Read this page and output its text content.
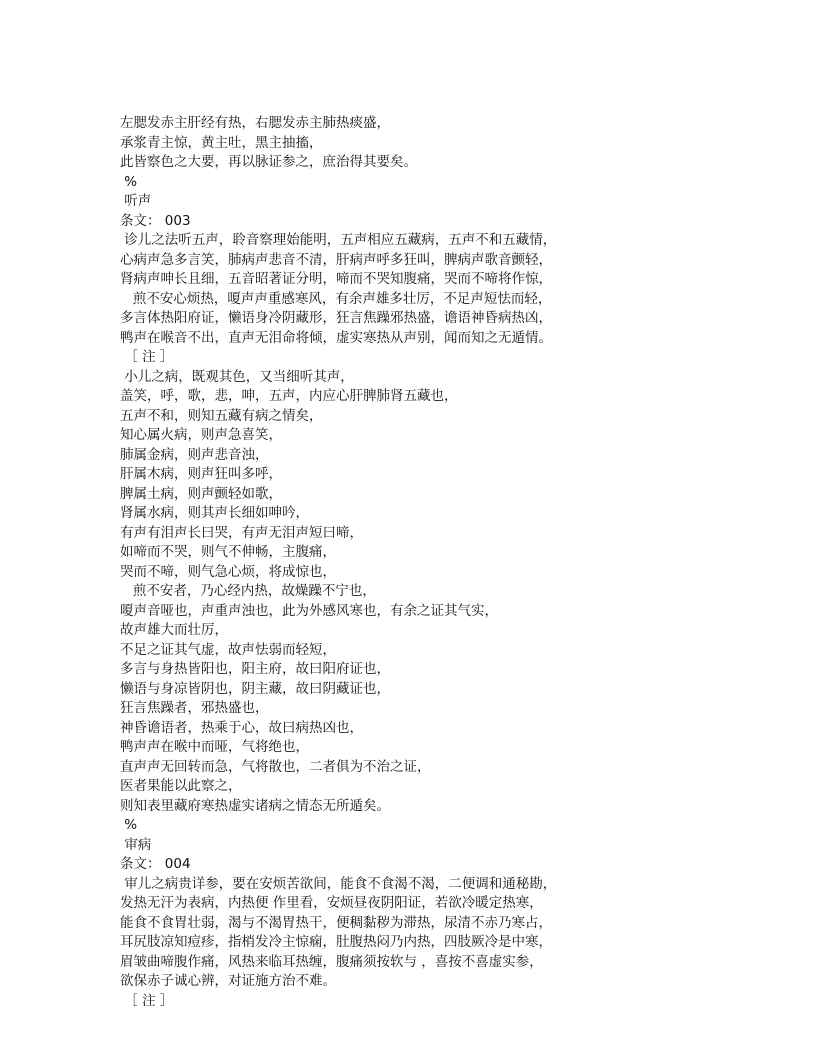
左腮发赤主肝经有热，右腮发赤主肺热痰盛，
承浆青主惊，黄主吐，黑主抽搐，
此皆察色之大要，再以脉证参之，庶治得其要矣。
%
听声
条文： 003
诊儿之法听五声，聆音察理始能明，五声相应五藏病，五声不和五藏情，
心病声急多言笑，肺病声悲音不清，肝病声呼多狂叫，脾病声歌音颤轻，
肾病声呻长且细，五音昭著证分明，啼而不哭知腹痛，哭而不啼将作惊，
煎不安心烦热，嗄声声重感寒风，有余声雄多壮厉，不足声短怯而轻，
多言体热阳府证，懒语身冷阴藏形，狂言焦躁邪热盛，谵语神昏病热凶，
鸭声在喉音不出，直声无泪命将倾，虚实寒热从声别，闻而知之无遁情。
［ 注 ］
小儿之病，既观其色，又当细听其声，
盖笑，呼，歌，悲，呻，五声，内应心肝脾肺肾五藏也，
五声不和，则知五藏有病之情矣，
知心属火病，则声急喜笑，
肺属金病，则声悲音浊，
肝属木病，则声狂叫多呼，
脾属土病，则声颤轻如歌，
肾属水病，则其声长细如呻吟，
有声有泪声长曰哭，有声无泪声短曰啼，
如啼而不哭，则气不伸畅，主腹痛，
哭而不啼，则气急心烦，将成惊也，
煎不安者，乃心经内热，故燥躁不宁也，
嗄声音哑也，声重声浊也，此为外感风寒也，有余之证其气实，
故声雄大而壮厉，
不足之证其气虚，故声怯弱而轻短，
多言与身热皆阳也，阳主府，故曰阳府证也，
懒语与身凉皆阴也，阴主藏，故曰阴藏证也，
狂言焦躁者，邪热盛也，
神昏谵语者，热乘于心，故曰病热凶也，
鸭声声在喉中而哑，气将绝也，
直声声无回转而急，气将散也，二者俱为不治之证，
医者果能以此察之，
则知表里藏府寒热虚实诸病之情态无所遁矣。
%
审病
条文： 004
审儿之病贵详参，要在安烦苦欲间，能食不食渴不渴，二便调和通秘勘，
发热无汗为表病，内热便 作里看，安烦昼夜阴阳证，若欲冷暖定热寒，
能食不食胃壮弱，渴与不渴胃热干，便稠黏秽为滞热，尿清不赤乃寒占，
耳尻肢凉知痘疹，指梢发冷主惊痫，肚腹热闷乃内热，四肢厥冷是中寒，
眉皱曲啼腹作痛，风热来临耳热缠，腹痛须按软与 ，喜按不喜虚实参，
欲保赤子诚心辨，对证施方治不难。
［ 注 ］
